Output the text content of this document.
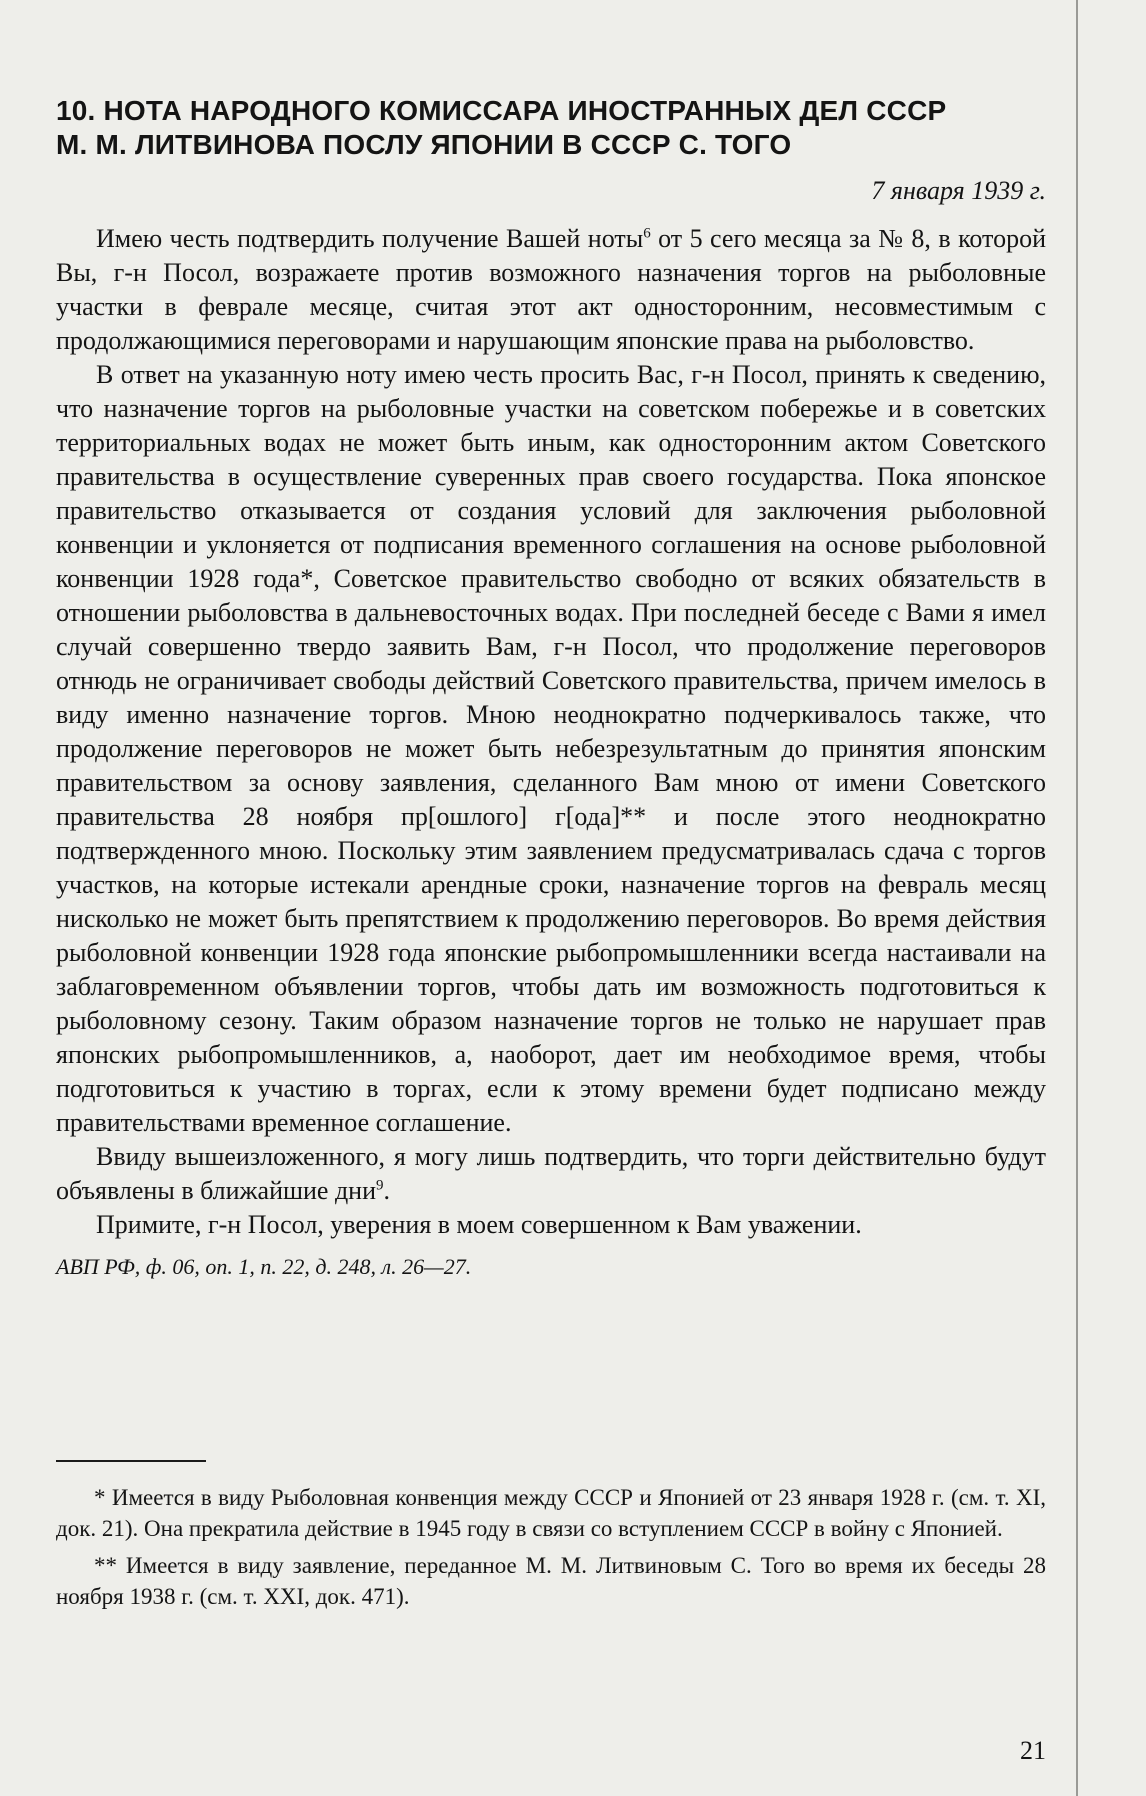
10. НОТА НАРОДНОГО КОМИССАРА ИНОСТРАННЫХ ДЕЛ СССР
М. М. ЛИТВИНОВА ПОСЛУ ЯПОНИИ В СССР С. ТОГО
7 января 1939 г.

Имею честь подтвердить получение Вашей ноты$^6$ от 5 сего месяца за № 8, в которой Вы, г-н Посол, возражаете против возможного назначения торгов на рыболовные участки в феврале месяце, считая этот акт односторонним, несовместимым с продолжающимися переговорами и нарушающим японские права на рыболовство.

В ответ на указанную ноту имею честь просить Вас, г-н Посол, принять к сведению, что назначение торгов на рыболовные участки на советском побережье и в советских территориальных водах не может быть иным, как односторонним актом Советского правительства в осуществление суверенных прав своего государства. Пока японское правительство отказывается от создания условий для заключения рыболовной конвенции и уклоняется от подписания временного соглашения на основе рыболовной конвенции 1928 года*, Советское правительство свободно от всяких обязательств в отношении рыболовства в дальневосточных водах. При последней беседе с Вами я имел случай совершенно твердо заявить Вам, г-н Посол, что продолжение переговоров отнюдь не ограничивает свободы действий Советского правительства, причем имелось в виду именно назначение торгов. Мною неоднократно подчеркивалось также, что продолжение переговоров не может быть небезрезультатным до принятия японским правительством за основу заявления, сделанного Вам мною от имени Советского правительства 28 ноября пр[ошлого] г[ода]** и после этого неоднократно подтвержденного мною. Поскольку этим заявлением предусматривалась сдача с торгов участков, на которые истекали арендные сроки, назначение торгов на февраль месяц нисколько не может быть препятствием к продолжению переговоров. Во время действия рыболовной конвенции 1928 года японские рыбопромышленники всегда настаивали на заблаговременном объявлении торгов, чтобы дать им возможность подготовиться к рыболовному сезону. Таким образом назначение торгов не только не нарушает прав японских рыбопромышленников, а, наоборот, дает им необходимое время, чтобы подготовиться к участию в торгах, если к этому времени будет подписано между правительствами временное соглашение.

Ввиду вышеизложенного, я могу лишь подтвердить, что торги действительно будут объявлены в ближайшие дни$^9$.

Примите, г-н Посол, уверения в моем совершенном к Вам уважении.

АВП РФ, ф. 06, оп. 1, п. 22, д. 248, л. 26—27.

* Имеется в виду Рыболовная конвенция между СССР и Японией от 23 января 1928 г. (см. т. XI, док. 21). Она прекратила действие в 1945 году в связи со вступлением СССР в войну с Японией.

** Имеется в виду заявление, переданное М. М. Литвиновым С. Того во время их беседы 28 ноября 1938 г. (см. т. XXI, док. 471).

21
